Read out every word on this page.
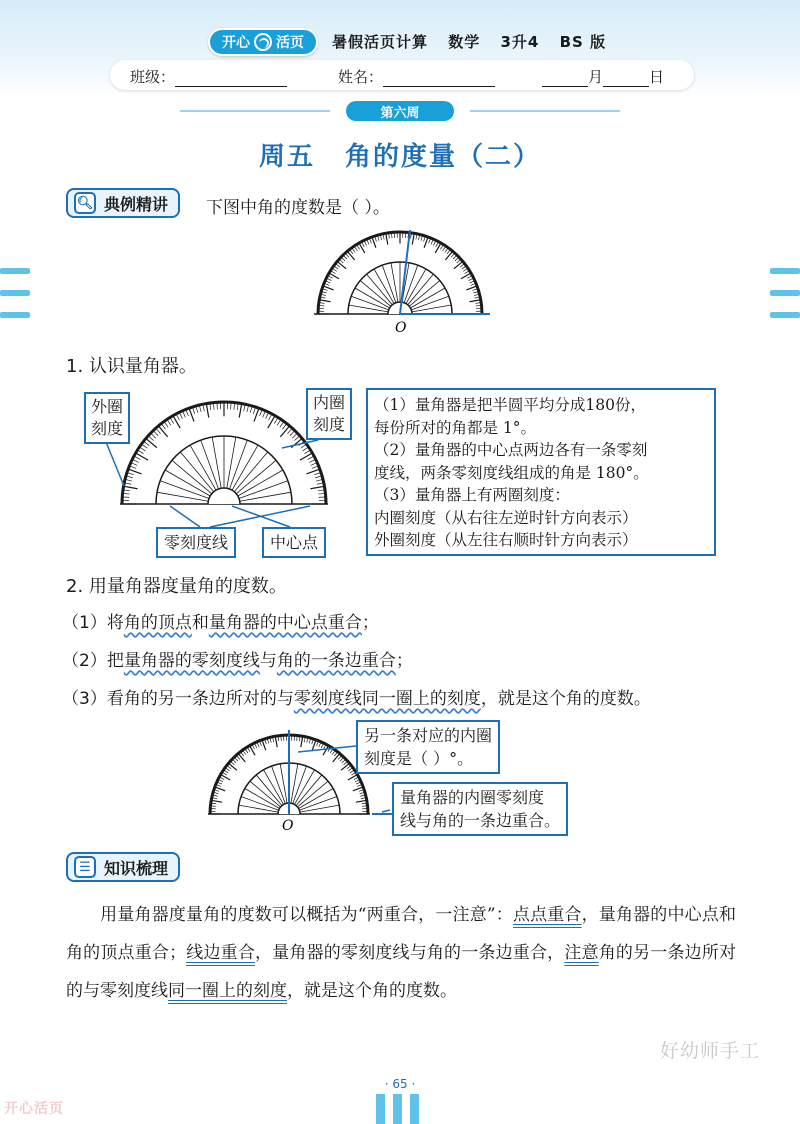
开心 活页 暑假活页计算 数学 3升4 BS 版
班级：	姓名：	月	日
第六周
周五 角的度量（二）
🔍︎ 典例精讲 下图中角的度数是（ ）。
O
1. 认识量角器。
外圈
刻度
内圈
刻度
零刻度线	中心点
（1）量角器是把半圆平均分成180份，
每份所对的角都是 1°。
（2）量角器的中心点两边各有一条零刻
度线，两条零刻度线组成的角是 180°。
（3）量角器上有两圈刻度：
内圈刻度（从右往左逆时针方向表示）
外圈刻度（从左往右顺时针方向表示）
2. 用量角器度量角的度数。
（1）将角的顶点和量角器的中心点重合；
（2）把量角器的零刻度线与角的一条边重合；
（3）看角的另一条边所对的与零刻度线同一圈上的刻度，就是这个角的度数。
O
另一条对应的内圈
刻度是（ ）°。
量角器的内圈零刻度
线与角的一条边重合。
☰ 知识梳理
用量角器度量角的度数可以概括为“两重合，一注意”：点点重合，量角器的中心点和角的顶点重合；线边重合，量角器的零刻度线与角的一条边重合，注意角的另一条边所对的与零刻度线同一圈上的刻度，就是这个角的度数。
好幼师手工
· 65 ·
开心活页
